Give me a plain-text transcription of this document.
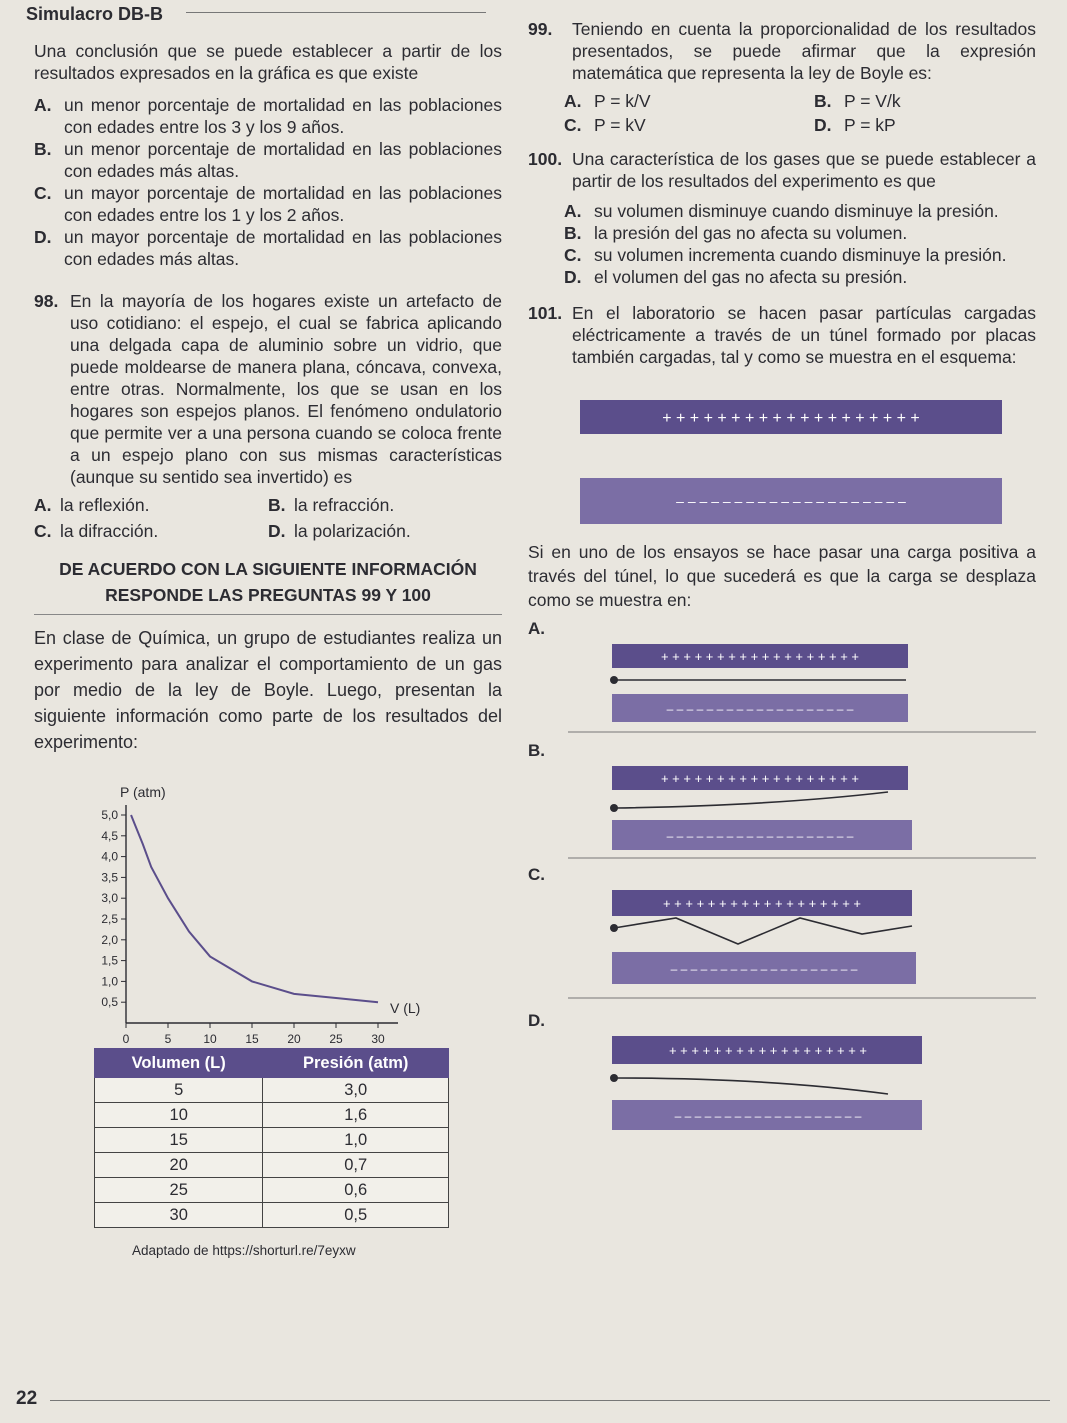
Simulacro DB-B

Una conclusión que se puede establecer a partir de los resultados expresados en la gráfica es que existe

A. un menor porcentaje de mortalidad en las poblaciones con edades entre los 3 y los 9 años.
B. un menor porcentaje de mortalidad en las poblaciones con edades más altas.
C. un mayor porcentaje de mortalidad en las poblaciones con edades entre los 1 y los 2 años.
D. un mayor porcentaje de mortalidad en las poblaciones con edades más altas.
98. En la mayoría de los hogares existe un artefacto de uso cotidiano: el espejo, el cual se fabrica aplicando una delgada capa de aluminio sobre un vidrio, que puede moldearse de manera plana, cóncava, convexa, entre otras. Normalmente, los que se usan en los hogares son espejos planos. El fenómeno ondulatorio que permite ver a una persona cuando se coloca frente a un espejo plano con sus mismas características (aunque su sentido sea invertido) es
A. la reflexión.	B. la refracción.
C. la difracción.	D. la polarización.
DE ACUERDO CON LA SIGUIENTE INFORMACIÓN
RESPONDE LAS PREGUNTAS 99 Y 100

En clase de Química, un grupo de estudiantes realiza un experimento para analizar el comportamiento de un gas por medio de la ley de Boyle. Luego, presentan la siguiente información como parte de los resultados del experimento:

P (atm)
V (L)
0	5	10 15 20 25 30
0,5
1,0
1,5
2,0
2,5
3,0
3,5
4,0
4,5
5,0
Volumen (L)	Presión (atm)
5	3,0
10	1,6
15	1,0
20	0,7
25	0,6
30	0,5
Adaptado de https://shorturl.re/7eyxw
99.	Teniendo en cuenta la proporcionalidad de los resultados presentados, se puede afirmar que la expresión matemática que representa la ley de Boyle es:
A. P = k/V	B. P = V/k
C. P = kV	D. P = kP
100. Una característica de los gases que se puede establecer a partir de los resultados del experimento es que
A. su volumen disminuye cuando disminuye la presión.
B. la presión del gas no afecta su volumen.
C. su volumen incrementa cuando disminuye la presión.
D. el volumen del gas no afecta su presión.
101. En el laboratorio se hacen pasar partículas cargadas eléctricamente a través de un túnel formado por placas también cargadas, tal y como se muestra en el esquema:
+ + + + + + + + + + + + + + + + + + +
– – – – – – – – – – – – – – – – – – – –

Si en uno de los ensayos se hace pasar una carga positiva a través del túnel, lo que sucederá es que la carga se desplaza como se muestra en:

A.
+ + + + + + + + + + + + + + + + + +
– – – – – – – – – – – – – – – – – – –
B.
+ + + + + + + + + + + + + + + + + +
– – – – – – – – – – – – – – – – – – –
C.
+ + + + + + + + + + + + + + + + + +
– – – – – – – – – – – – – – – – – – –
D.
+ + + + + + + + + + + + + + + + + +
– – – – – – – – – – – – – – – – – – –
22
